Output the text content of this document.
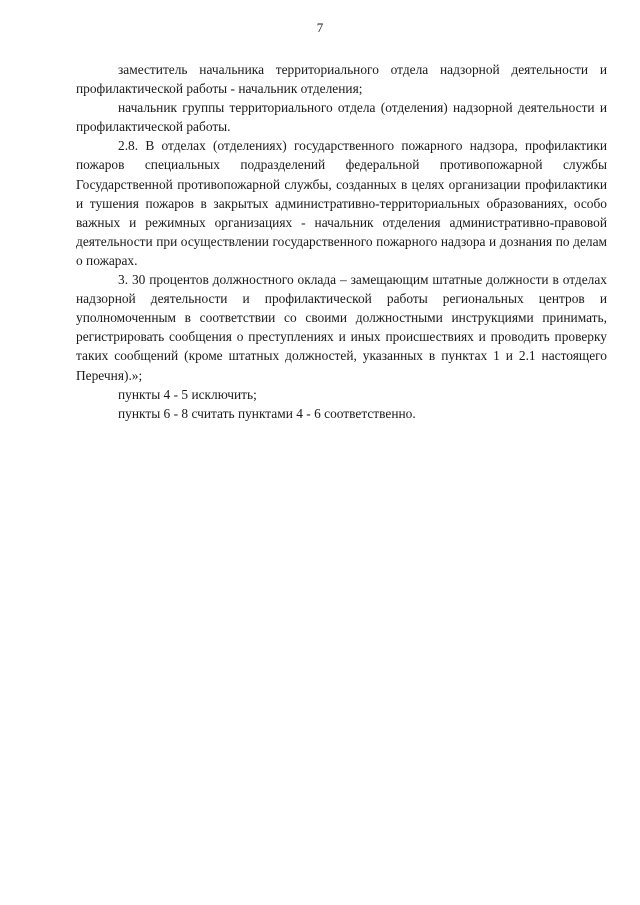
7

заместитель начальника территориального отдела надзорной деятельности и профилактической работы - начальник отделения;

начальник группы территориального отдела (отделения) надзорной деятельности и профилактической работы.

2.8. В отделах (отделениях) государственного пожарного надзора, профилактики пожаров специальных подразделений федеральной противопожарной службы Государственной противопожарной службы, созданных в целях организации профилактики и тушения пожаров в закрытых административно-территориальных образованиях, особо важных и режимных организациях - начальник отделения административно-правовой деятельности при осуществлении государственного пожарного надзора и дознания по делам о пожарах.

3. 30 процентов должностного оклада – замещающим штатные должности в отделах надзорной деятельности и профилактической работы региональных центров и уполномоченным в соответствии со своими должностными инструкциями принимать, регистрировать сообщения о преступлениях и иных происшествиях и проводить проверку таких сообщений (кроме штатных должностей, указанных в пунктах 1 и 2.1 настоящего Перечня).»;

пункты 4 - 5 исключить;

пункты 6 - 8 считать пунктами 4 - 6 соответственно.
